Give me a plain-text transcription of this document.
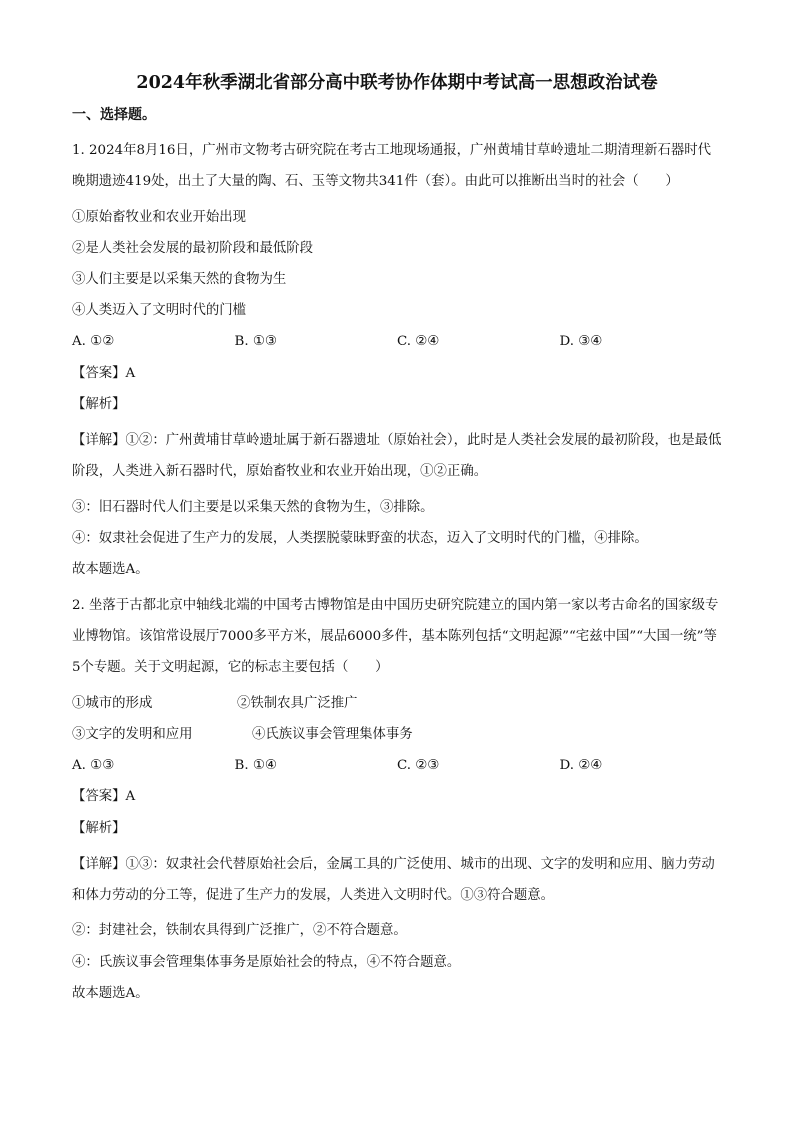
2024年秋季湖北省部分高中联考协作体期中考试高一思想政治试卷
一、选择题。
1. 2024年8月16日，广州市文物考古研究院在考古工地现场通报，广州黄埔甘草岭遗址二期清理新石器时代晚期遗迹419处，出土了大量的陶、石、玉等文物共341件（套）。由此可以推断出当时的社会（　　）
①原始畜牧业和农业开始出现
②是人类社会发展的最初阶段和最低阶段
③人们主要是以采集天然的食物为生
④人类迈入了文明时代的门槛
A. ①②	B. ①③	C. ②④	D. ③④
【答案】A
【解析】
【详解】①②：广州黄埔甘草岭遗址属于新石器遗址（原始社会），此时是人类社会发展的最初阶段，也是最低阶段，人类进入新石器时代，原始畜牧业和农业开始出现，①②正确。
③：旧石器时代人们主要是以采集天然的食物为生，③排除。
④：奴隶社会促进了生产力的发展，人类摆脱蒙昧野蛮的状态，迈入了文明时代的门槛，④排除。
故本题选A。
2. 坐落于古都北京中轴线北端的中国考古博物馆是由中国历史研究院建立的国内第一家以考古命名的国家级专业博物馆。该馆常设展厅7000多平方米，展品6000多件，基本陈列包括“文明起源”“宅兹中国”“大国一统”等5个专题。关于文明起源，它的标志主要包括（　　）
①城市的形成	②铁制农具广泛推广
③文字的发明和应用	④氏族议事会管理集体事务
A. ①③	B. ①④	C. ②③	D. ②④
【答案】A
【解析】
【详解】①③：奴隶社会代替原始社会后，金属工具的广泛使用、城市的出现、文字的发明和应用、脑力劳动和体力劳动的分工等，促进了生产力的发展，人类进入文明时代。①③符合题意。
②：封建社会，铁制农具得到广泛推广，②不符合题意。
④：氏族议事会管理集体事务是原始社会的特点，④不符合题意。
故本题选A。
